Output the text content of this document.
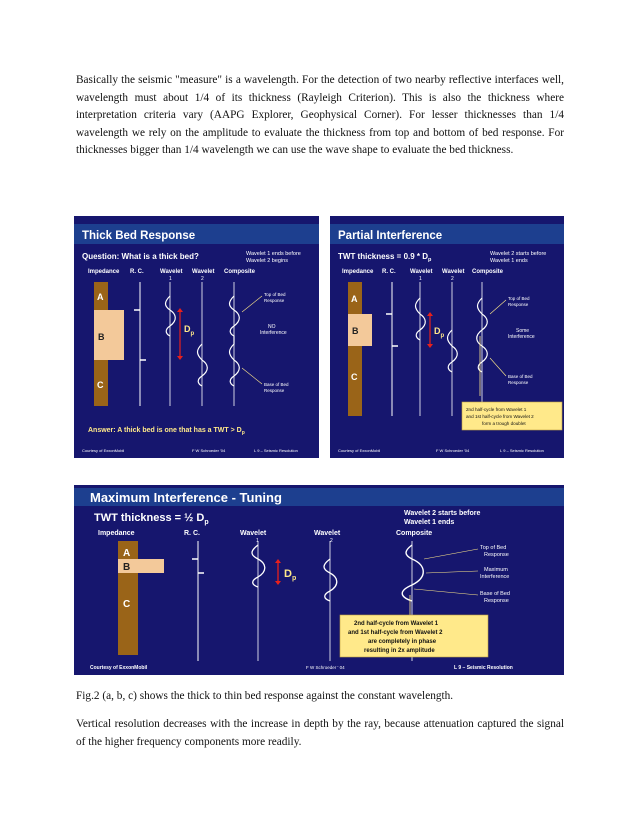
Basically the seismic "measure" is a wavelength. For the detection of two nearby reflective interfaces well, wavelength must about 1/4 of its thickness (Rayleigh Criterion). This is also the thickness where interpretation criteria vary (AAPG Explorer, Geophysical Corner). For lesser thicknesses than 1/4 wavelength we rely on the amplitude to evaluate the thickness from top and bottom of bed response. For thicknesses bigger than 1/4 wavelength we can use the wave shape to evaluate the bed thickness.
Thick Bed Response
Question: What is a thick bed?	Wavelet 1 ends before
Wavelet 2 begins
Impedance R. C.	Wavelet Wavelet Composite
1	2
A
B
C
$D_p$
Top of Bed
Response
NO
Interference
Base of Bed
Response
Answer: A thick bed is one that has a TWT > $D_p$
Courtesy of ExxonMobil	F W Schroeder '04	L 9 – Seismic Resolution
Partial Interference
TWT thickness = $0.9 * D_p$
Wavelet 2 starts before
Wavelet 1 ends
Impedance R. C. Wavelet Wavelet Composite
1	2
A
B
C
$D_p$
Top of Bed
Response
Some
Interference
Base of Bed
Response
2nd half-cycle from Wavelet 1
and 1st half-cycle from Wavelet 2
form a trough doublet
Courtesy of ExxonMobil	F W Schroeder '04	L 9 – Seismic Resolution
Maximum Interference - Tuning
TWT thickness = ½ $D_p$
Wavelet 2 starts before
Wavelet 1 ends
Impedance	R. C.	Wavelet	Wavelet	Composite
1	2
A
B
C
$D_p$
Top of Bed
Response
Maximum
Interference
Base of Bed
Response
2nd half-cycle from Wavelet 1
and 1st half-cycle from Wavelet 2
are completely in phase
resulting in 2x amplitude
Courtesy of ExxonMobil	F W Schroeder ' 04	L 9 – Seismic Resolution
Fig.2 (a, b, c) shows the thick to thin bed response against the constant wavelength.
Vertical resolution decreases with the increase in depth by the ray, because attenuation captured the signal of the higher frequency components more readily.
